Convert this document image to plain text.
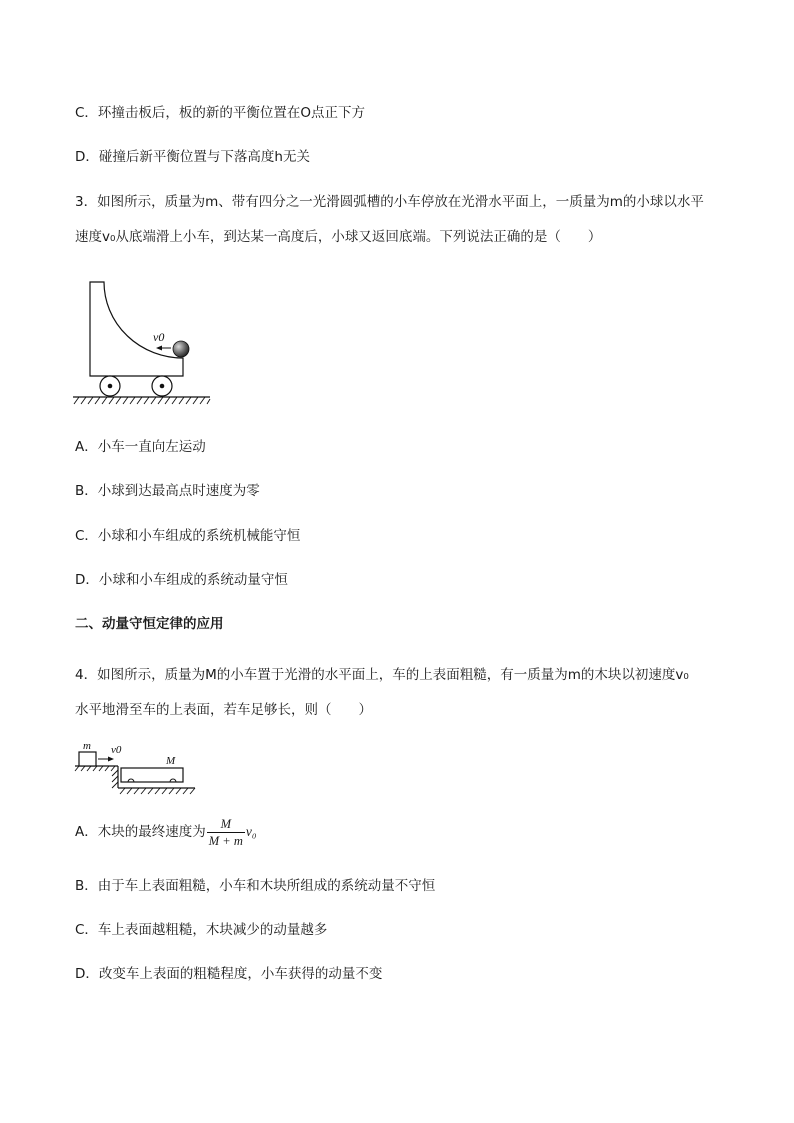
C．环撞击板后，板的新的平衡位置在O点正下方
D．碰撞后新平衡位置与下落高度h无关
3．如图所示，质量为m、带有四分之一光滑圆弧槽的小车停放在光滑水平面上，一质量为m的小球以水平
速度v₀从底端滑上小车，到达某一高度后，小球又返回底端。下列说法正确的是（　　）
v0
A．小车一直向左运动
B．小球到达最高点时速度为零
C．小球和小车组成的系统机械能守恒
D．小球和小车组成的系统动量守恒
二、动量守恒定律的应用
4．如图所示，质量为M的小车置于光滑的水平面上，车的上表面粗糙，有一质量为m的木块以初速度v₀
水平地滑至车的上表面，若车足够长，则（　　）
m v0
M
A．木块的最终速度为 $\frac{M}{M + m} v_0$
B．由于车上表面粗糙，小车和木块所组成的系统动量不守恒
C．车上表面越粗糙，木块减少的动量越多
D．改变车上表面的粗糙程度，小车获得的动量不变
